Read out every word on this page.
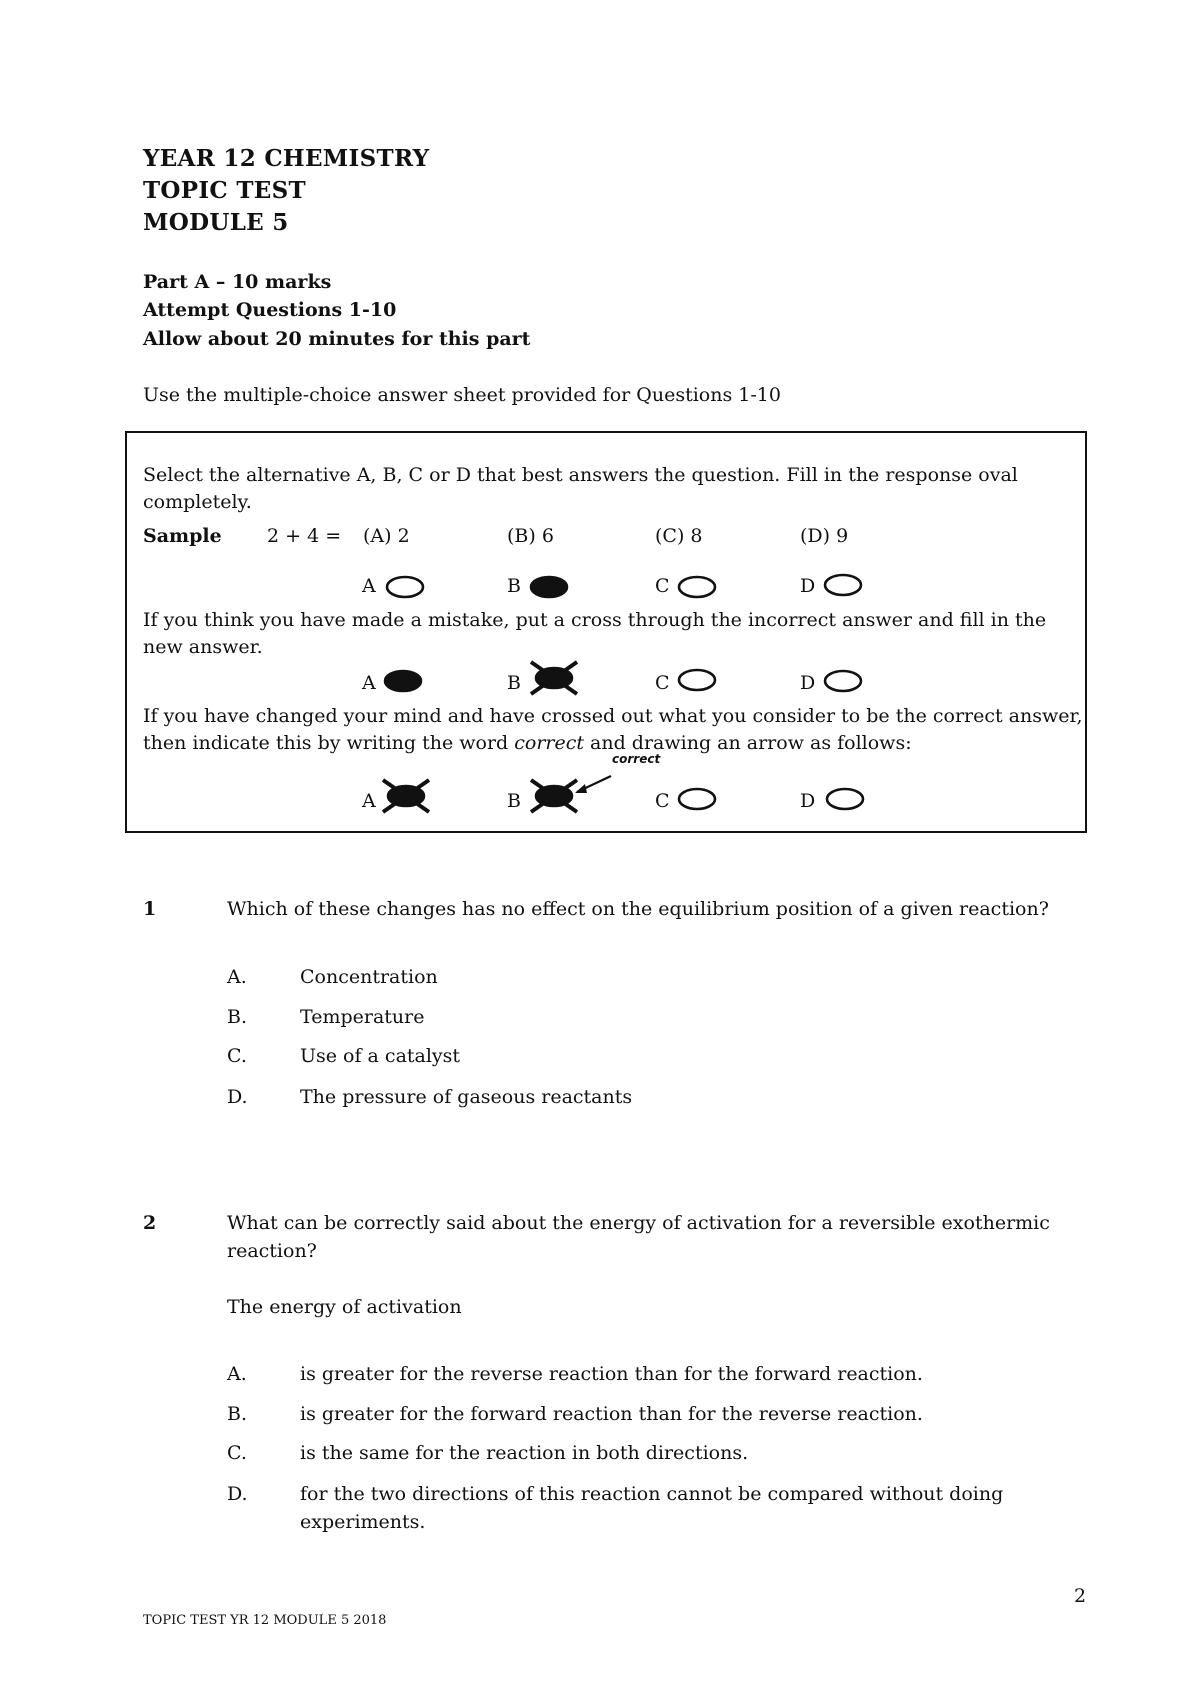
YEAR 12 CHEMISTRY
TOPIC TEST
MODULE 5
Part A – 10 marks
Attempt Questions 1-10
Allow about 20 minutes for this part
Use the multiple-choice answer sheet provided for Questions 1-10
Select the alternative A, B, C or D that best answers the question. Fill in the response oval
completely.
Sample 2 + 4 = (A) 2	(B) 6	(C) 8	(D) 9
A	B	C	D
If you think you have made a mistake, put a cross through the incorrect answer and fill in the
new answer.
A	B	C	D
If you have changed your mind and have crossed out what you consider to be the correct answer,
then indicate this by writing the word correct and drawing an arrow as follows:
correct
A	B	C	D
1	Which of these changes has no effect on the equilibrium position of a given reaction?
A.	Concentration
B.	Temperature
C.	Use of a catalyst
D.	The pressure of gaseous reactants
2	What can be correctly said about the energy of activation for a reversible exothermic
reaction?
The energy of activation
A.	is greater for the reverse reaction than for the forward reaction.
B.	is greater for the forward reaction than for the reverse reaction.
C.	is the same for the reaction in both directions.
D.	for the two directions of this reaction cannot be compared without doing
experiments.
2
TOPIC TEST YR 12 MODULE 5 2018
